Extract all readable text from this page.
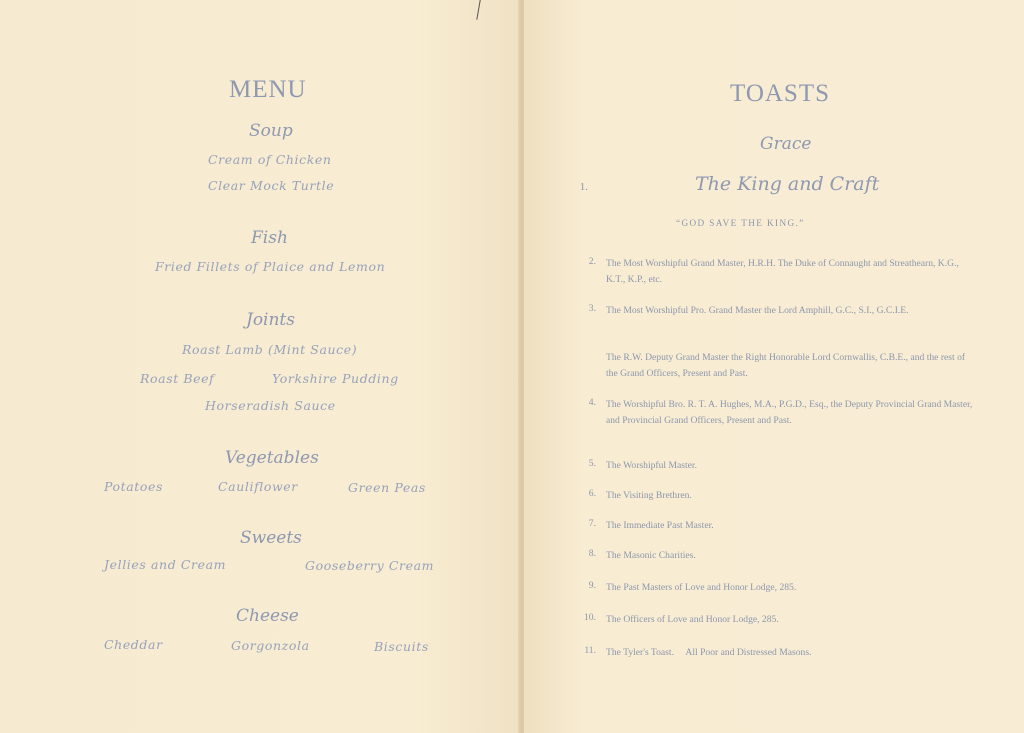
MENU
Soup
Cream of Chicken
Clear Mock Turtle
Fish
Fried Fillets of Plaice and Lemon
Joints
Roast Lamb (Mint Sauce)
Roast Beef	Yorkshire Pudding
Horseradish Sauce
Vegetables
Potatoes	Cauliflower	Green Peas
Sweets
Jellies and Cream	Gooseberry Cream
Cheese
Cheddar	Gorgonzola	Biscuits
TOASTS
Grace
1.	The King and Craft
“GOD SAVE THE KING.”
2. The Most Worshipful Grand Master, H.R.H. The Duke of Connaught and Streathearn, K.G., K.T., K.P., etc.
3. The Most Worshipful Pro. Grand Master the Lord Amphill, G.C., S.I., G.C.I.E.
The R.W. Deputy Grand Master the Right Honorable Lord Cornwallis, C.B.E., and the rest of the Grand Officers, Present and Past.
4. The Worshipful Bro. R. T. A. Hughes, M.A., P.G.D., Esq., the Deputy Provincial Grand Master, and Provincial Grand Officers, Present and Past.
5. The Worshipful Master.
6. The Visiting Brethren.
7. The Immediate Past Master.
8. The Masonic Charities.
9. The Past Masters of Love and Honor Lodge, 285.
10. The Officers of Love and Honor Lodge, 285.
11. The Tyler's Toast.     All Poor and Distressed Masons.
